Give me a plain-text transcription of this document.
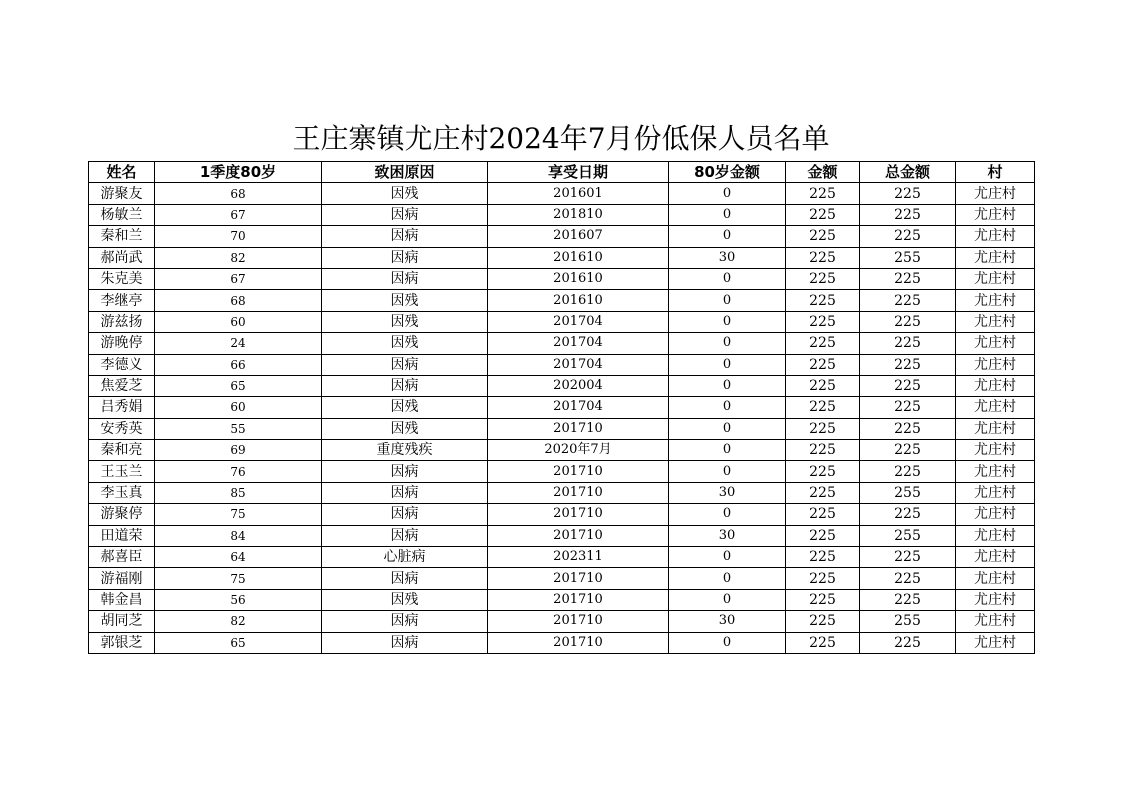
王庄寨镇尤庄村2024年7月份低保人员名单
姓名	1季度80岁	致困原因	享受日期	80岁金额	金额	总金额	村
游聚友	68	因残	201601	0	225	225	尤庄村
杨敏兰	67	因病	201810	0	225	225	尤庄村
秦和兰	70	因病	201607	0	225	225	尤庄村
郝尚武	82	因病	201610	30	225	255	尤庄村
朱克美	67	因病	201610	0	225	225	尤庄村
李继亭	68	因残	201610	0	225	225	尤庄村
游兹扬	60	因残	201704	0	225	225	尤庄村
游晚停	24	因残	201704	0	225	225	尤庄村
李德义	66	因病	201704	0	225	225	尤庄村
焦爱芝	65	因病	202004	0	225	225	尤庄村
吕秀娟	60	因残	201704	0	225	225	尤庄村
安秀英	55	因残	201710	0	225	225	尤庄村
秦和亮	69	重度残疾	2020年7月	0	225	225	尤庄村
王玉兰	76	因病	201710	0	225	225	尤庄村
李玉真	85	因病	201710	30	225	255	尤庄村
游聚停	75	因病	201710	0	225	225	尤庄村
田道荣	84	因病	201710	30	225	255	尤庄村
郝喜臣	64	心脏病	202311	0	225	225	尤庄村
游福刚	75	因病	201710	0	225	225	尤庄村
韩金昌	56	因残	201710	0	225	225	尤庄村
胡同芝	82	因病	201710	30	225	255	尤庄村
郭银芝	65	因病	201710	0	225	225	尤庄村
